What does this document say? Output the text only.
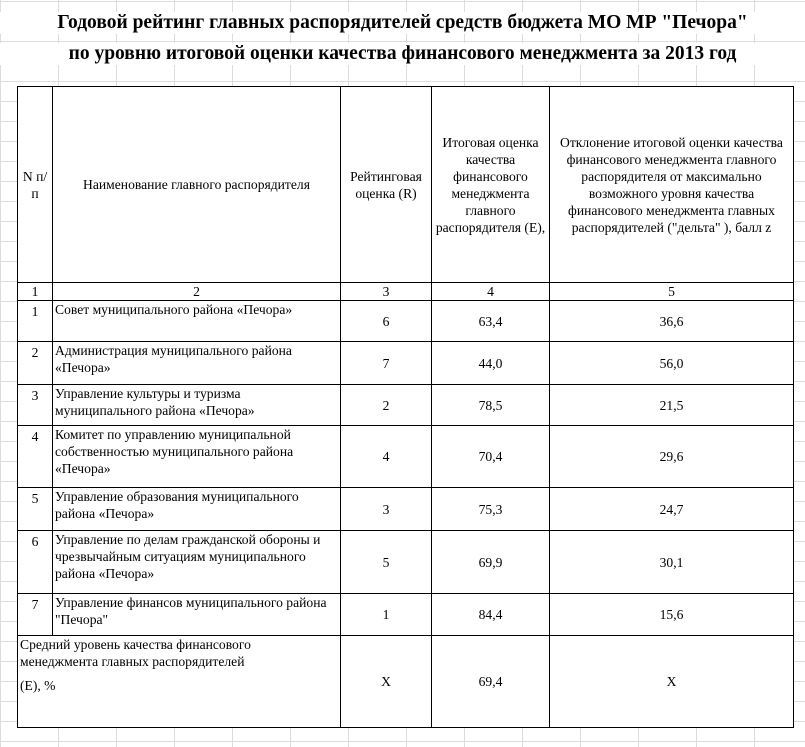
Годовой рейтинг главных распорядителей средств бюджета МО МР "Печора"
по уровню итоговой оценки качества финансового менеджмента за 2013 год
N п/п	Наименование главного распорядителя	Рейтинговая оценка (R)	Итоговая оценка качества финансового менеджмента главного распорядителя (Е),	Отклонение итоговой оценки качества финансового менеджмента главного распорядителя от максимально возможного уровня качества финансового менеджмента главных распорядителей ("дельта" ), балл z
1	2	3	4	5
1	Совет муниципального района «Печора»	6	63,4	36,6
2	Администрация муниципального района «Печора»	7	44,0	56,0
3	Управление культуры и туризма муниципального района «Печора»	2	78,5	21,5
4	Комитет по управлению муниципальной собственностью муниципального района «Печора»	4	70,4	29,6
5	Управление образования муниципального района «Печора»	3	75,3	24,7
6	Управление по делам гражданской обороны и чрезвычайным ситуациям муниципального района «Печора»	5	69,9	30,1
7	Управление финансов муниципального района "Печора"	1	84,4	15,6

Средний уровень качества финансового менеджмента главных распорядителей
(Е), %		X	69,4	X
